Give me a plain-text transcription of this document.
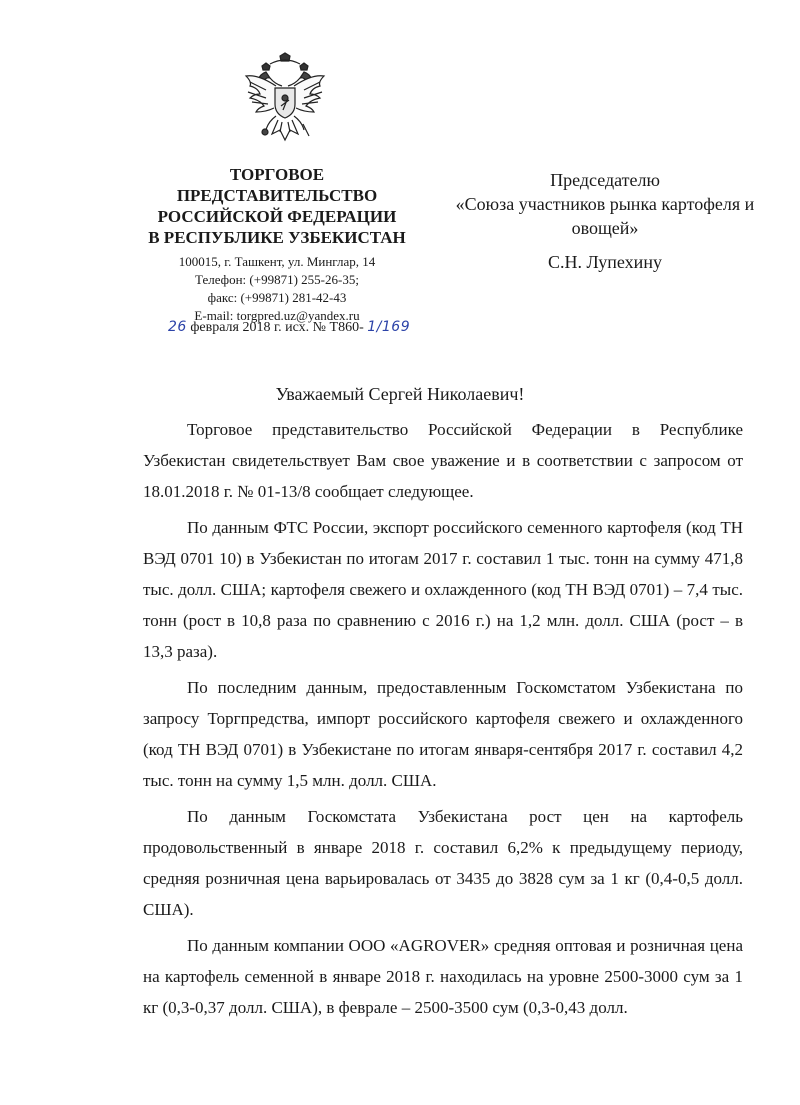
ТОРГОВОЕ ПРЕДСТАВИТЕЛЬСТВО

РОССИЙСКОЙ ФЕДЕРАЦИИ

В РЕСПУБЛИКЕ УЗБЕКИСТАН

100015, г. Ташкент, ул. Минглар, 14

Телефон: (+99871) 255-26-35;

факс: (+99871) 281-42-43

E-mail: torgpred.uz@yandex.ru

Председателю
«Союза участников рынка картофеля и
овощей»
С.Н. Лупехину
26 февраля 2018 г. исх. № Т860- 1/169
Уважаемый Сергей Николаевич!

Торговое представительство Российской Федерации в Республике Узбекистан свидетельствует Вам свое уважение и в соответствии с запросом от 18.01.2018 г. № 01-13/8 сообщает следующее.

По данным ФТС России, экспорт российского семенного картофеля (код ТН ВЭД 0701 10) в Узбекистан по итогам 2017 г. составил 1 тыс. тонн на сумму 471,8 тыс. долл. США; картофеля свежего и охлажденного (код ТН ВЭД 0701) – 7,4 тыс. тонн (рост в 10,8 раза по сравнению с 2016 г.) на 1,2 млн. долл. США (рост – в 13,3 раза).

По последним данным, предоставленным Госкомстатом Узбекистана по запросу Торгпредства, импорт российского картофеля свежего и охлажденного (код ТН ВЭД 0701) в Узбекистане по итогам января-сентября 2017 г. составил 4,2 тыс. тонн на сумму 1,5 млн. долл. США.

По данным Госкомстата Узбекистана рост цен на картофель продовольственный в январе 2018 г. составил 6,2% к предыдущему периоду, средняя розничная цена варьировалась от 3435 до 3828 сум за 1 кг (0,4-0,5 долл. США).

По данным компании ООО «AGROVER» средняя оптовая и розничная цена на картофель семенной в январе 2018 г. находилась на уровне 2500-3000 сум за 1 кг (0,3-0,37 долл. США), в феврале – 2500-3500 сум (0,3-0,43 долл.
